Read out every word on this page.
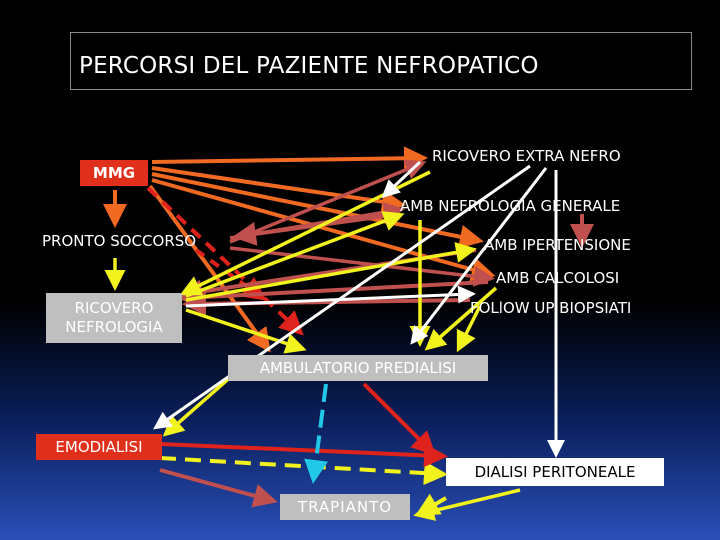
PERCORSI DEL PAZIENTE NEFROPATICO
MMG
RICOVERO EXTRA NEFRO
AMB NEFROLOGIA GENERALE
PRONTO SOCCORSO	AMB IPERTENSIONE
AMB CALCOLOSI
RICOVERO NEFROLOGIA
FOLlOW UP BIOPSIATI
AMBULATORIO PREDIALISI
EMODIALISI
DIALISI PERITONEALE
TRAPIANTO
